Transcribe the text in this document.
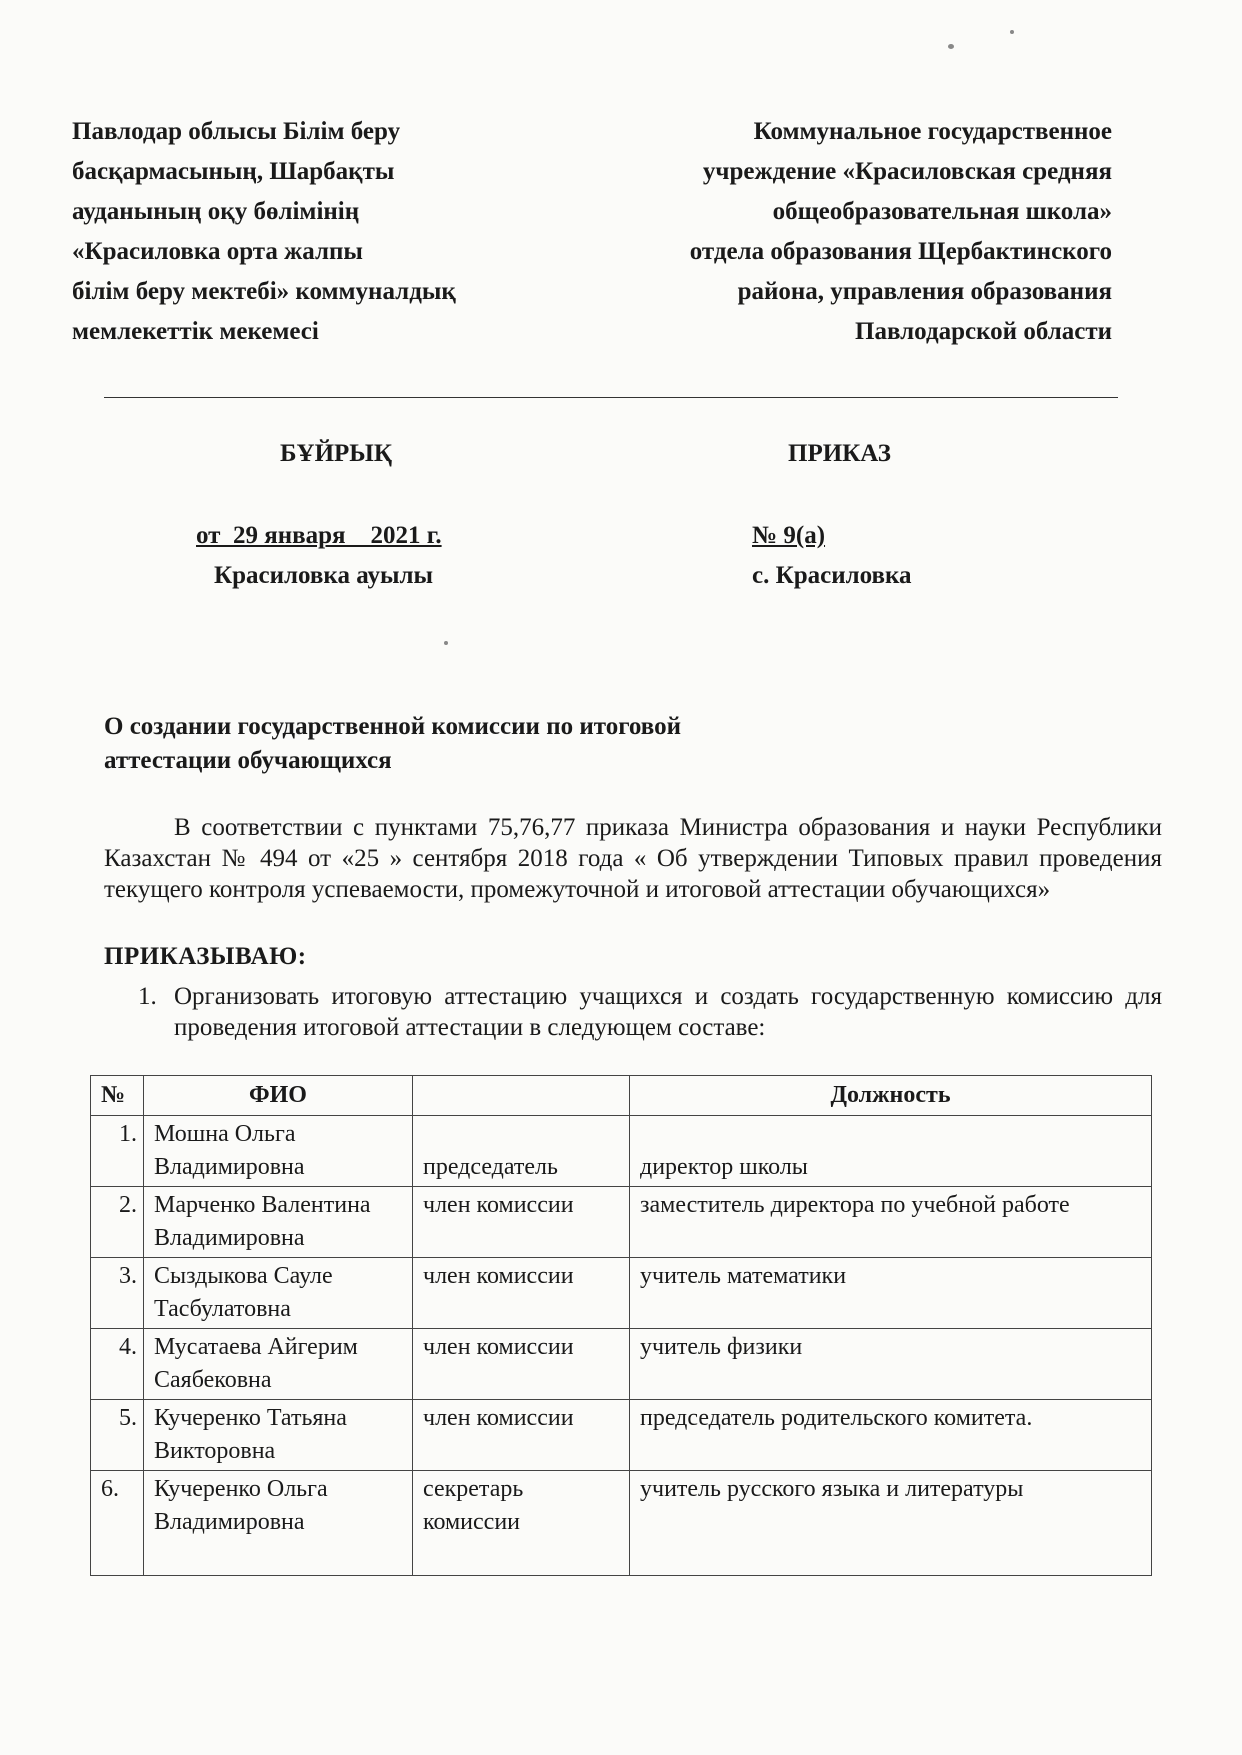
Павлодар облысы Білім беру
басқармасының, Шарбақты
ауданының оқу бөлімінің
«Красиловка орта жалпы
білім беру мектебі» коммуналдық
мемлекеттік мекемесі
Коммунальное государственное
учреждение «Красиловская средняя
общеобразовательная школа»
отдела образования Щербактинского
района, управления образования
Павлодарской области
БҰЙРЫҚ	ПРИКАЗ
от  29 января    2021 г.	№ 9(а)
Красиловка ауылы	с. Красиловка
О создании государственной комиссии по итоговой аттестации обучающихся
В соответствии с пунктами 75,76,77 приказа Министра образования и науки Республики Казахстан № 494 от «25 » сентября 2018 года « Об утверждении Типовых правил проведения текущего контроля успеваемости, промежуточной и итоговой аттестации обучающихся»
ПРИКАЗЫВАЮ:
1. Организовать итоговую аттестацию учащихся и создать государственную комиссию для проведения итоговой аттестации в следующем составе:
№	ФИО		Должность
1.	Мошна Ольга Владимировна	председатель	директор школы
2.	Марченко Валентина Владимировна	член комиссии	заместитель директора по учебной работе
3.	Сыздыкова Сауле Тасбулатовна	член комиссии	учитель математики
4.	Мусатаева Айгерим Саябековна	член комиссии	учитель физики
5.	Кучеренко Татьяна Викторовна	член комиссии	председатель родительского комитета.
6.	Кучеренко Ольга Владимировна	секретарь комиссии	учитель русского языка и литературы
